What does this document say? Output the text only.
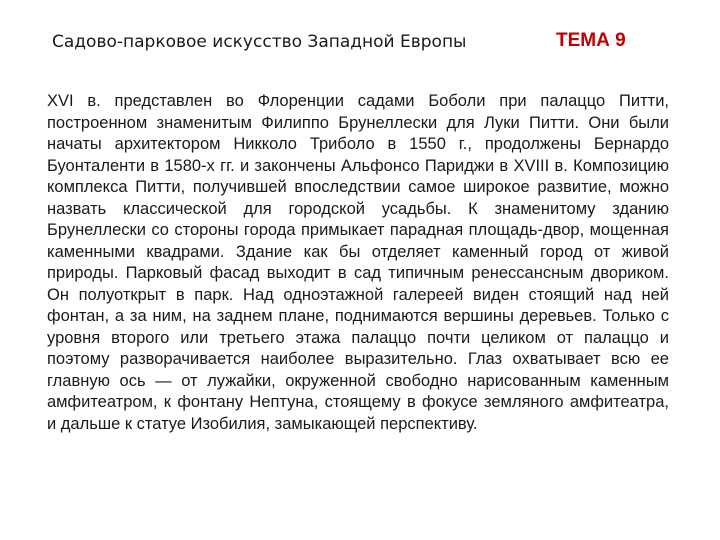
Садово-парковое искусство Западной Европы	ТЕМА 9

XVI в. представлен во Флоренции садами Боболи при палаццо Питти, построенном знаменитым Филиппо Брунеллески для Луки Питти. Они были начаты архитектором Никколо Триболо в 1550 г., продолжены Бернардо Буонталенти в 1580-х гг. и закончены Альфонсо Париджи в XVIII в. Композицию комплекса Питти, получившей впоследствии самое широкое развитие, можно назвать классической для городской усадьбы. К знаменитому зданию Брунеллески со стороны города примыкает парадная площадь-двор, мощенная каменными квадрами. Здание как бы отделяет каменный город от живой природы. Парковый фасад выходит в сад типичным ренессансным двориком. Он полуоткрыт в парк. Над одноэтажной галереей виден стоящий над ней фонтан, а за ним, на заднем плане, поднимаются вершины деревьев. Только с уровня второго или третьего этажа палаццо почти целиком от палаццо и поэтому разворачивается наиболее выразительно. Глаз охватывает всю ее главную ось — от лужайки, окруженной свободно нарисованным каменным амфитеатром, к фонтану Нептуна, стоящему в фокусе земляного амфитеатра, и дальше к статуе Изобилия, замыкающей перспективу.
